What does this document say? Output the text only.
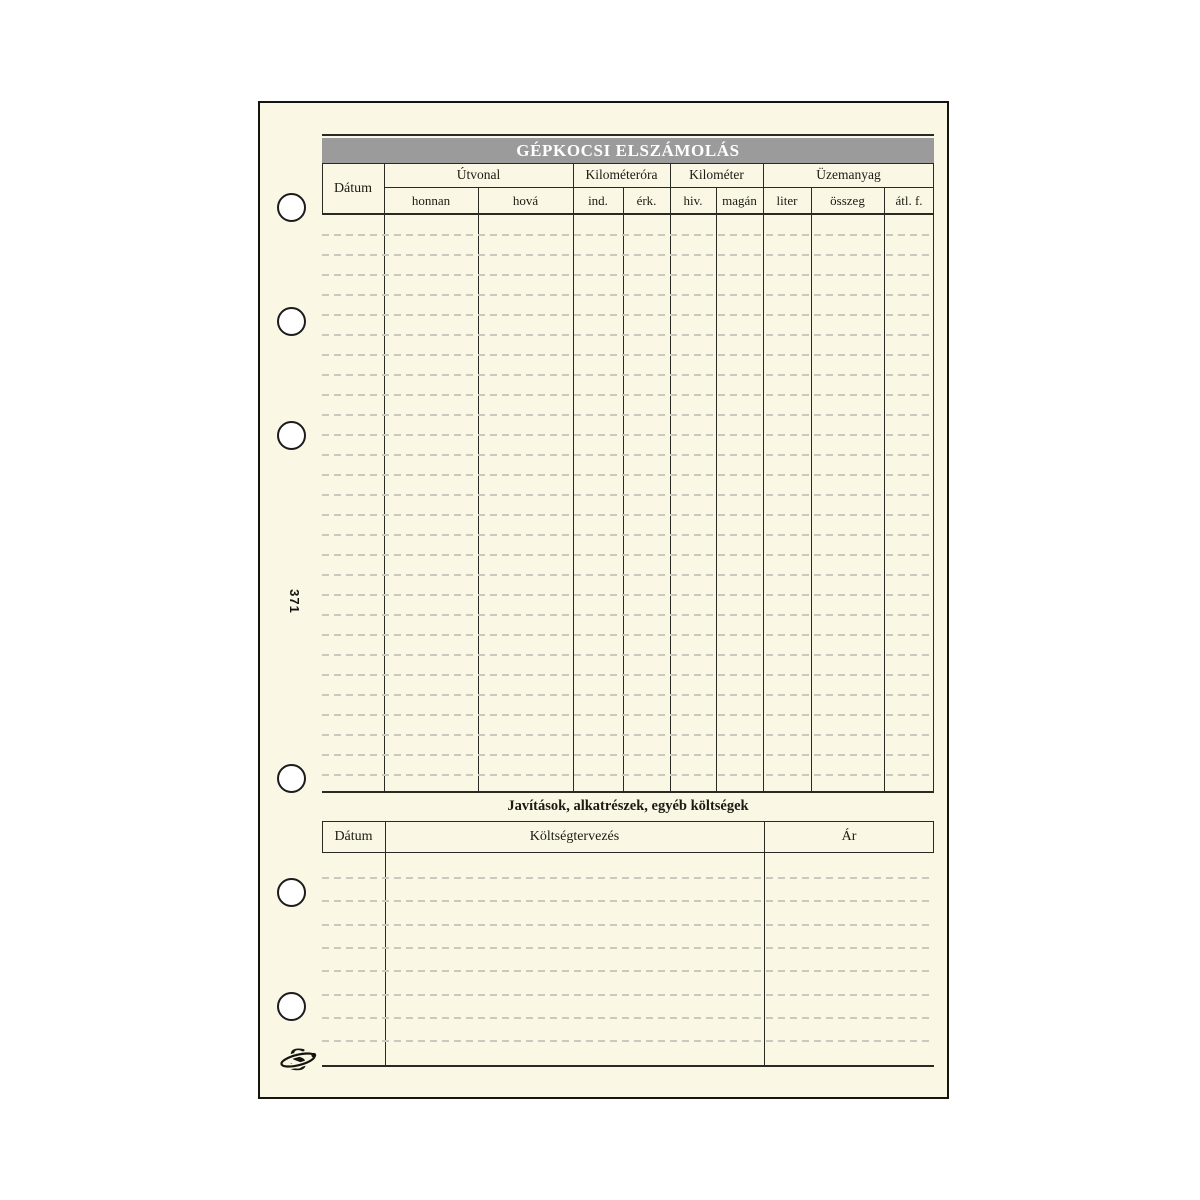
371
S
GÉPKOCSI ELSZÁMOLÁS
Dátum
Útvonal	Kilométeróra	Kilométer	Üzemanyag
honnan	hová	ind.	érk.	hiv.	magán	liter	összeg	átl. f.
Javítások, alkatrészek, egyéb költségek
Dátum	Költségtervezés	Ár
